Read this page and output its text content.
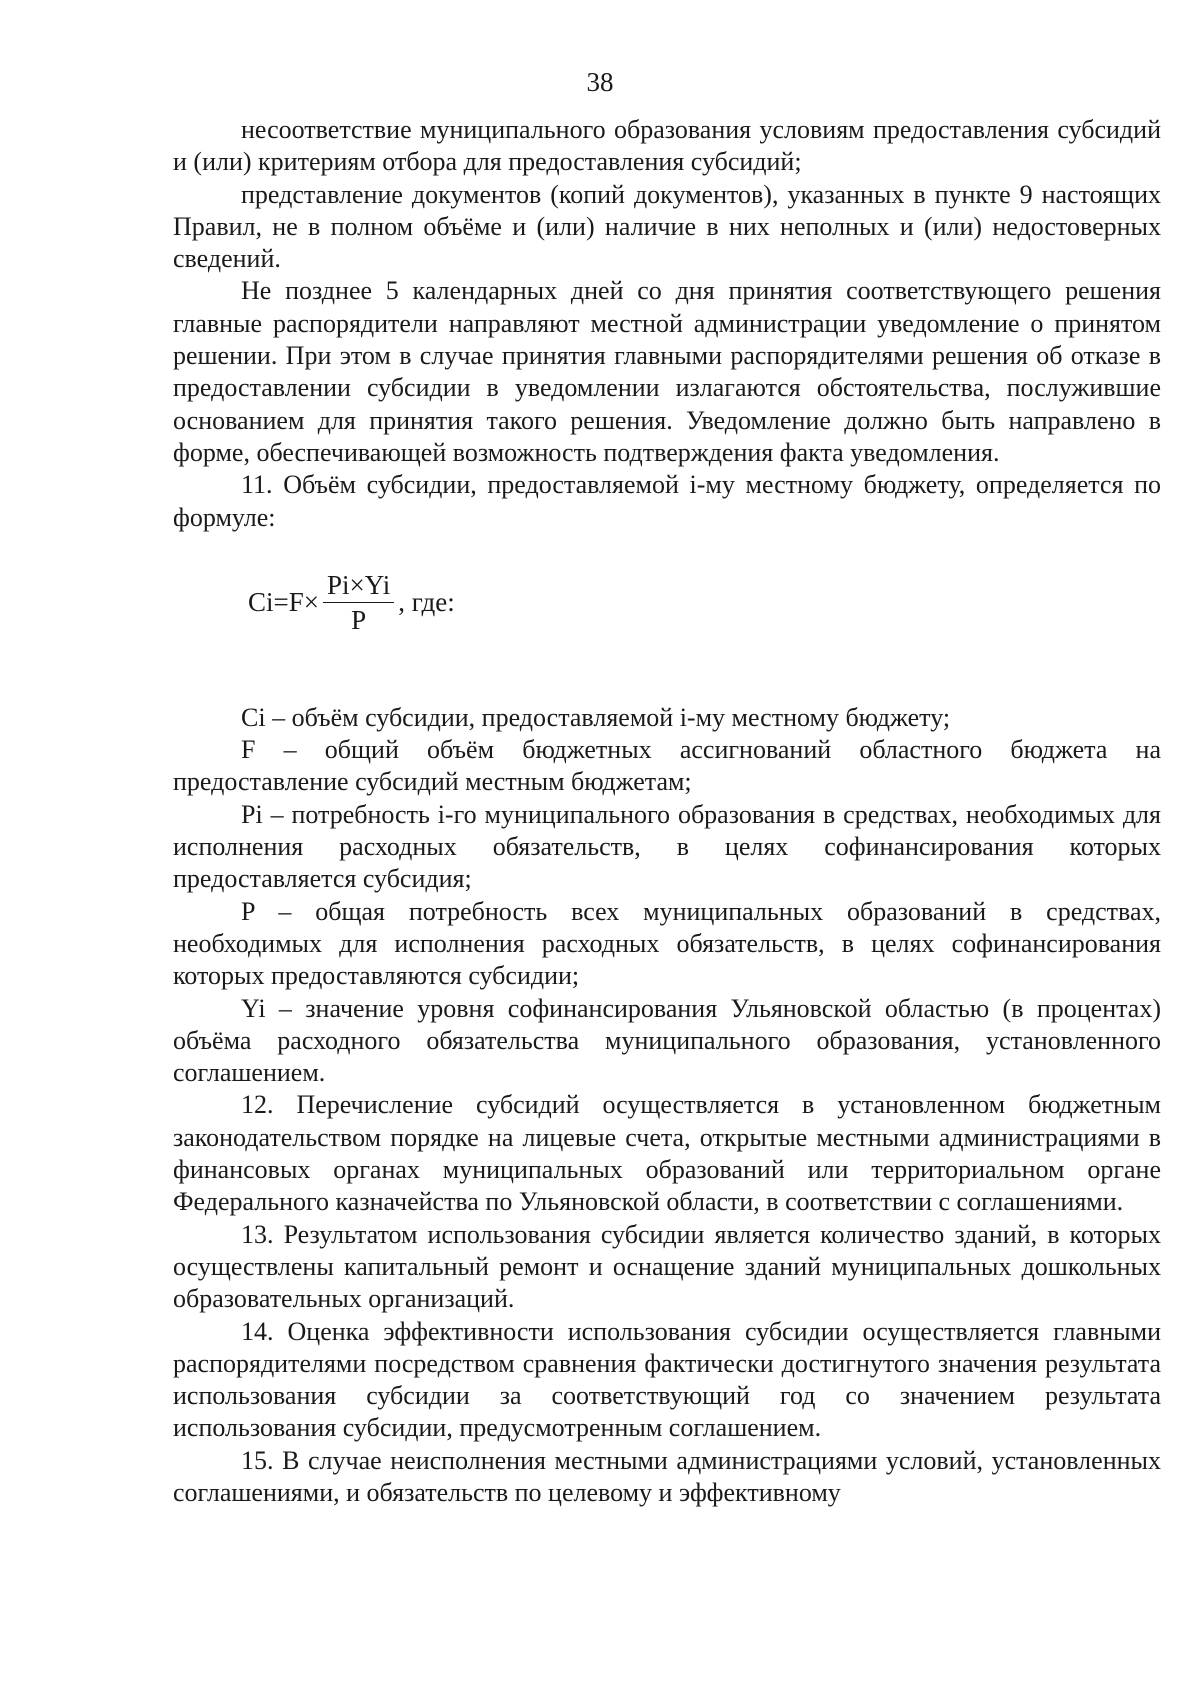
38

несоответствие муниципального образования условиям предоставления субсидий и (или) критериям отбора для предоставления субсидий;

представление документов (копий документов), указанных в пункте 9 настоящих Правил, не в полном объёме и (или) наличие в них неполных и (или) недостоверных сведений.

Не позднее 5 календарных дней со дня принятия соответствующего решения главные распорядители направляют местной администрации уведомление о принятом решении. При этом в случае принятия главными распорядителями решения об отказе в предоставлении субсидии в уведомлении излагаются обстоятельства, послужившие основанием для принятия такого решения. Уведомление должно быть направлено в форме, обеспечивающей возможность подтверждения факта уведомления.

11. Объём субсидии, предоставляемой i-му местному бюджету, определяется по формуле:

$Ci=F\times \frac{Pi\times Yi}{P}$ , где:

Ci – объём субсидии, предоставляемой i-му местному бюджету;

F – общий объём бюджетных ассигнований областного бюджета на предоставление субсидий местным бюджетам;

Pi – потребность i-го муниципального образования в средствах, необходимых для исполнения расходных обязательств, в целях софинансирования которых предоставляется субсидия;

P – общая потребность всех муниципальных образований в средствах, необходимых для исполнения расходных обязательств, в целях софинансирования которых предоставляются субсидии;

Yi – значение уровня софинансирования Ульяновской областью (в процентах) объёма расходного обязательства муниципального образования, установленного соглашением.

12. Перечисление субсидий осуществляется в установленном бюджетным законодательством порядке на лицевые счета, открытые местными администрациями в финансовых органах муниципальных образований или территориальном органе Федерального казначейства по Ульяновской области, в соответствии с соглашениями.

13. Результатом использования субсидии является количество зданий, в которых осуществлены капитальный ремонт и оснащение зданий муниципальных дошкольных образовательных организаций.

14. Оценка эффективности использования субсидии осуществляется главными распорядителями посредством сравнения фактически достигнутого значения результата использования субсидии за соответствующий год со значением результата использования субсидии, предусмотренным соглашением.

15. В случае неисполнения местными администрациями условий, установленных соглашениями, и обязательств по целевому и эффективному
